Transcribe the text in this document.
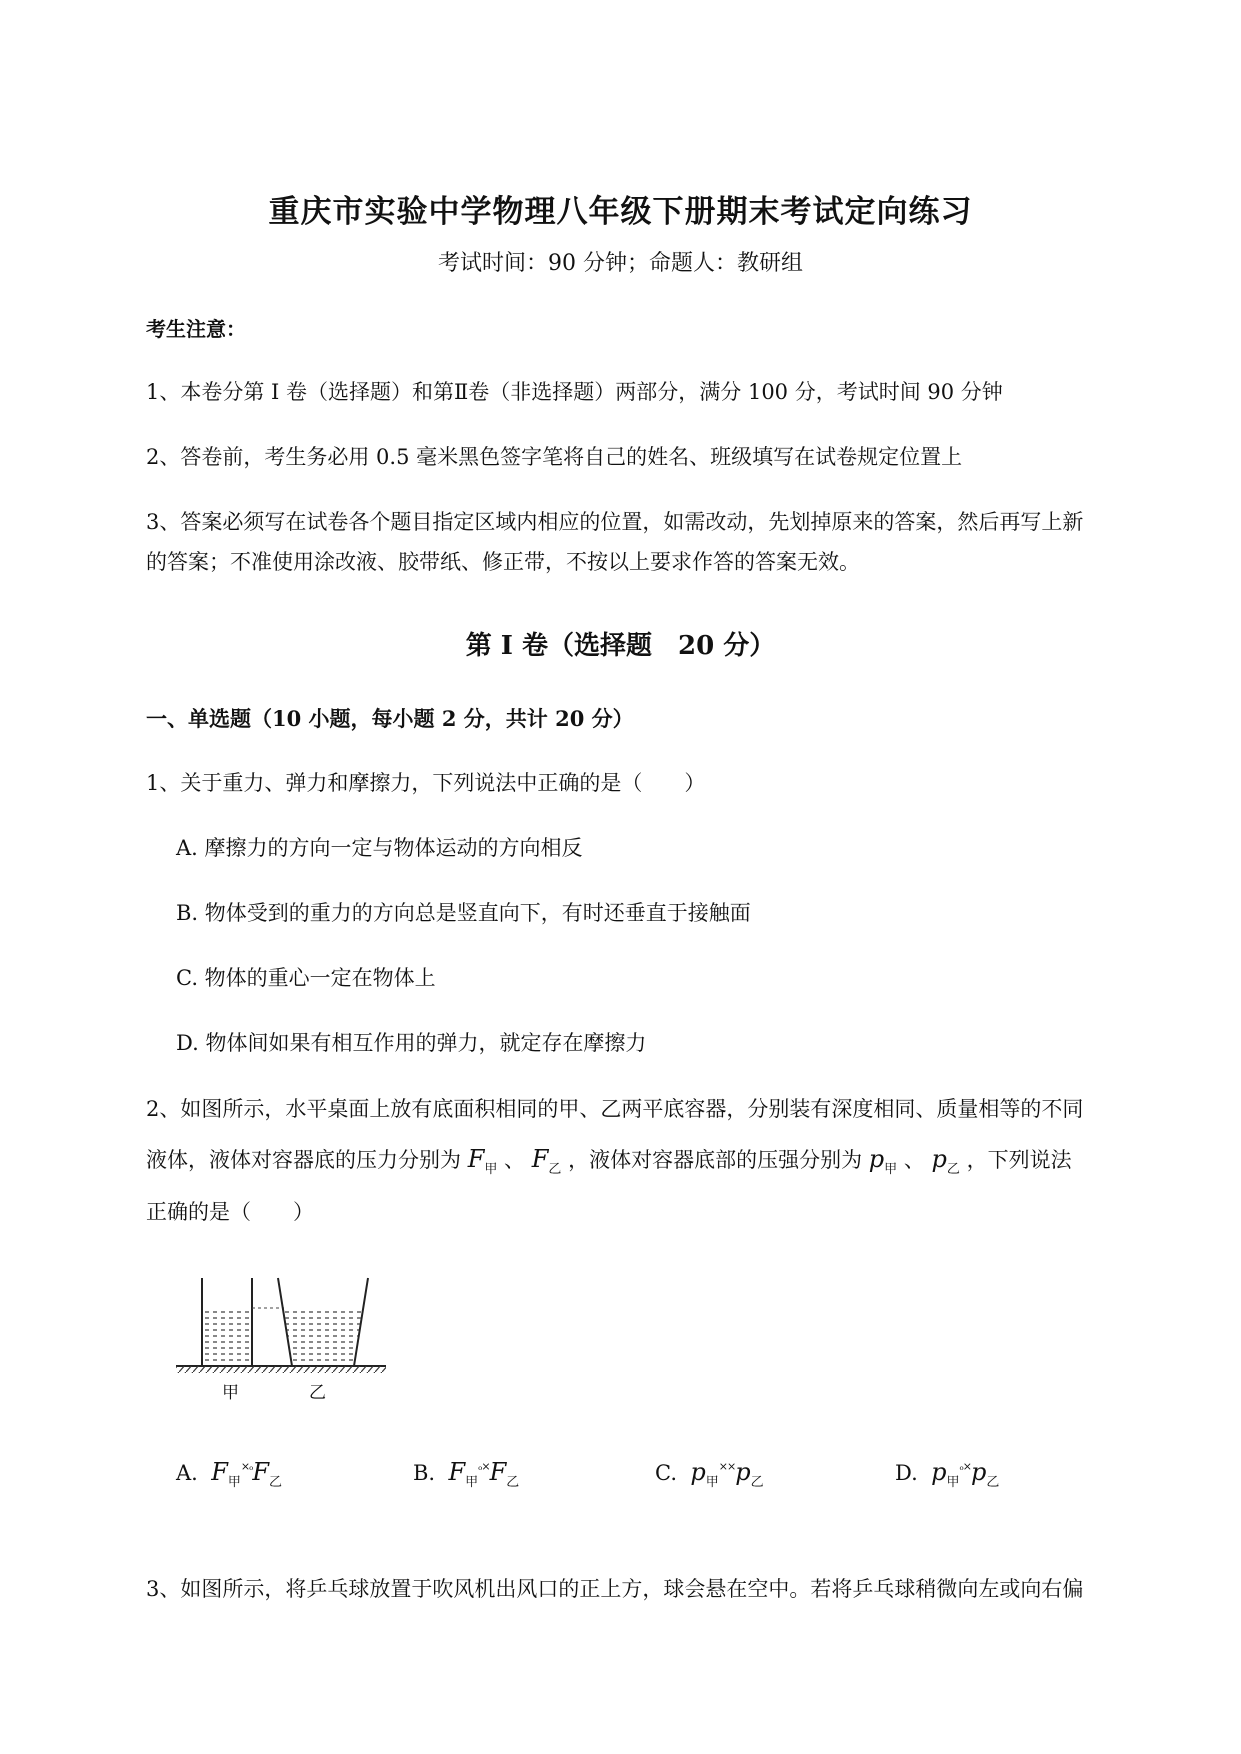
重庆市实验中学物理八年级下册期末考试定向练习
考试时间：90 分钟；命题人：教研组
考生注意：
1、本卷分第 I 卷（选择题）和第Ⅱ卷（非选择题）两部分，满分 100 分，考试时间 90 分钟
2、答卷前，考生务必用 0.5 毫米黑色签字笔将自己的姓名、班级填写在试卷规定位置上
3、答案必须写在试卷各个题目指定区域内相应的位置，如需改动，先划掉原来的答案，然后再写上新
的答案；不准使用涂改液、胶带纸、修正带，不按以上要求作答的答案无效。
第 I 卷（选择题　20 分）
一、单选题（10 小题，每小题 2 分，共计 20 分）
1、关于重力、弹力和摩擦力，下列说法中正确的是（　　）
A. 摩擦力的方向一定与物体运动的方向相反
B. 物体受到的重力的方向总是竖直向下，有时还垂直于接触面
C. 物体的重心一定在物体上
D. 物体间如果有相互作用的弹力，就定存在摩擦力
2、如图所示，水平桌面上放有底面积相同的甲、乙两平底容器，分别装有深度相同、质量相等的不同
液体，液体对容器底的压力分别为 $F_甲$ 、 $F_乙$ ，液体对容器底部的压强分别为 $p_甲$ 、 $p_乙$ ，下列说法
正确的是（　　）
甲	乙
A. $F_甲^{\times_o}F_乙$	B. $F_甲^{_o\times}F_乙$	C. $p_甲^{\times\times}p_乙$	D. $p_甲^{_o\times}p_乙$
3、如图所示，将乒乓球放置于吹风机出风口的正上方，球会悬在空中。若将乒乓球稍微向左或向右偏
